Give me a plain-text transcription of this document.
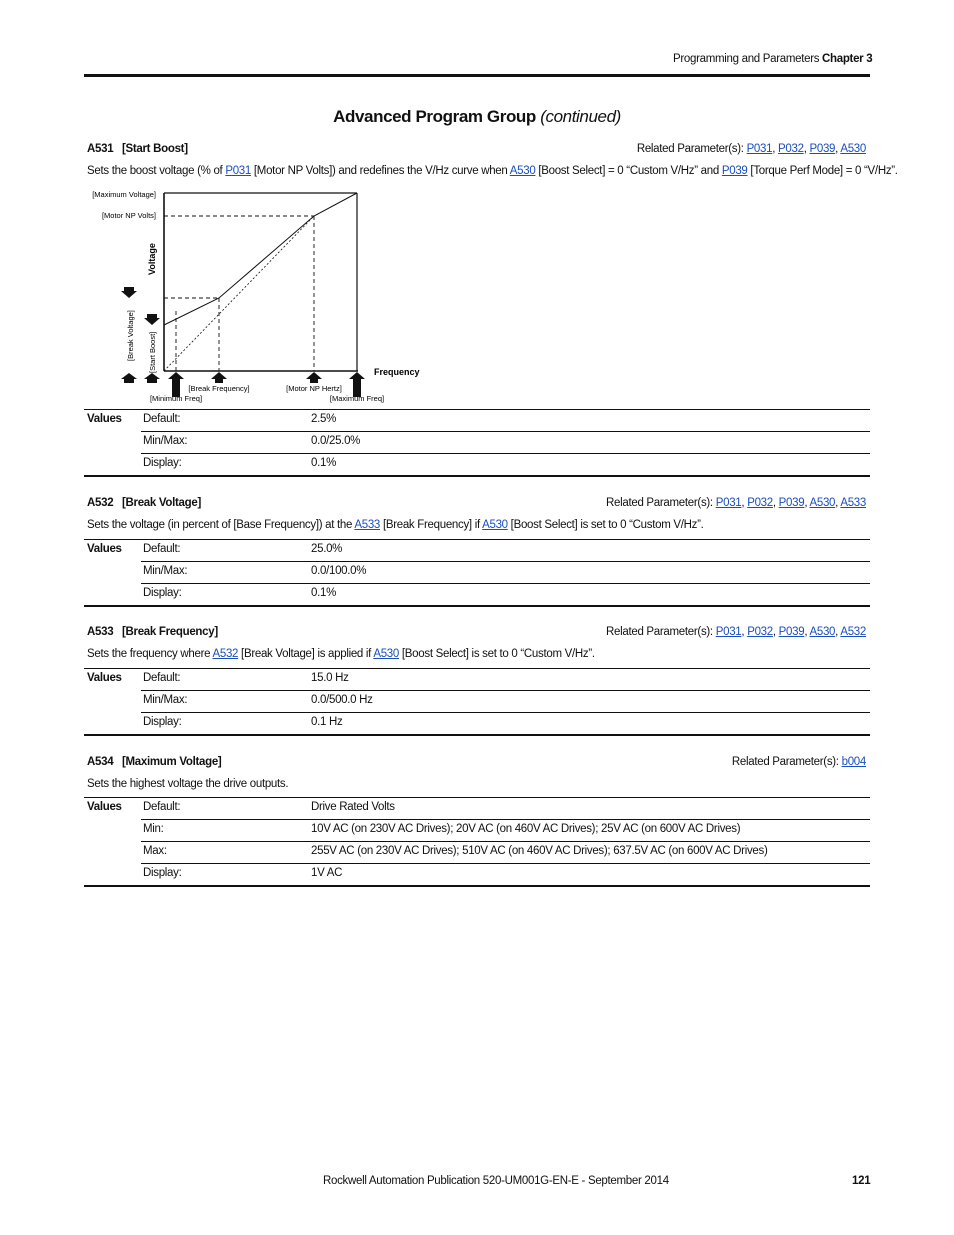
Programming and Parameters Chapter 3
Advanced Program Group (continued)
A531 [Start Boost]	Related Parameter(s): P031, P032, P039, A530
Sets the boost voltage (% of P031 [Motor NP Volts]) and redefines the V/Hz curve when A530 [Boost Select] = 0 “Custom V/Hz” and P039 [Torque Perf Mode] = 0 “V/Hz”.
[Maximum Voltage]
[Motor NP Volts]
Voltage
Frequency
[Break Voltage] [Start Boost]
[Break Frequency]	[Motor NP Hertz]
[Minimum Freq]	[Maximum Freq]
Values Default:	2.5%
Min/Max:	0.0/25.0%
Display:	0.1%
A532 [Break Voltage]	Related Parameter(s): P031, P032, P039, A530, A533
Sets the voltage (in percent of [Base Frequency]) at the A533 [Break Frequency] if A530 [Boost Select] is set to 0 “Custom V/Hz”.
Values Default:	25.0%
Min/Max:	0.0/100.0%
Display:	0.1%
A533 [Break Frequency]	Related Parameter(s): P031, P032, P039, A530, A532
Sets the frequency where A532 [Break Voltage] is applied if A530 [Boost Select] is set to 0 “Custom V/Hz”.
Values Default:	15.0 Hz
Min/Max:	0.0/500.0 Hz
Display:	0.1 Hz
A534 [Maximum Voltage]	Related Parameter(s): b004
Sets the highest voltage the drive outputs.
Values Default:	Drive Rated Volts
Min:	10V AC (on 230V AC Drives); 20V AC (on 460V AC Drives); 25V AC (on 600V AC Drives)
Max:	255V AC (on 230V AC Drives); 510V AC (on 460V AC Drives); 637.5V AC (on 600V AC Drives)
Display:	1V AC
Rockwell Automation Publication 520-UM001G-EN-E - September 2014	121
